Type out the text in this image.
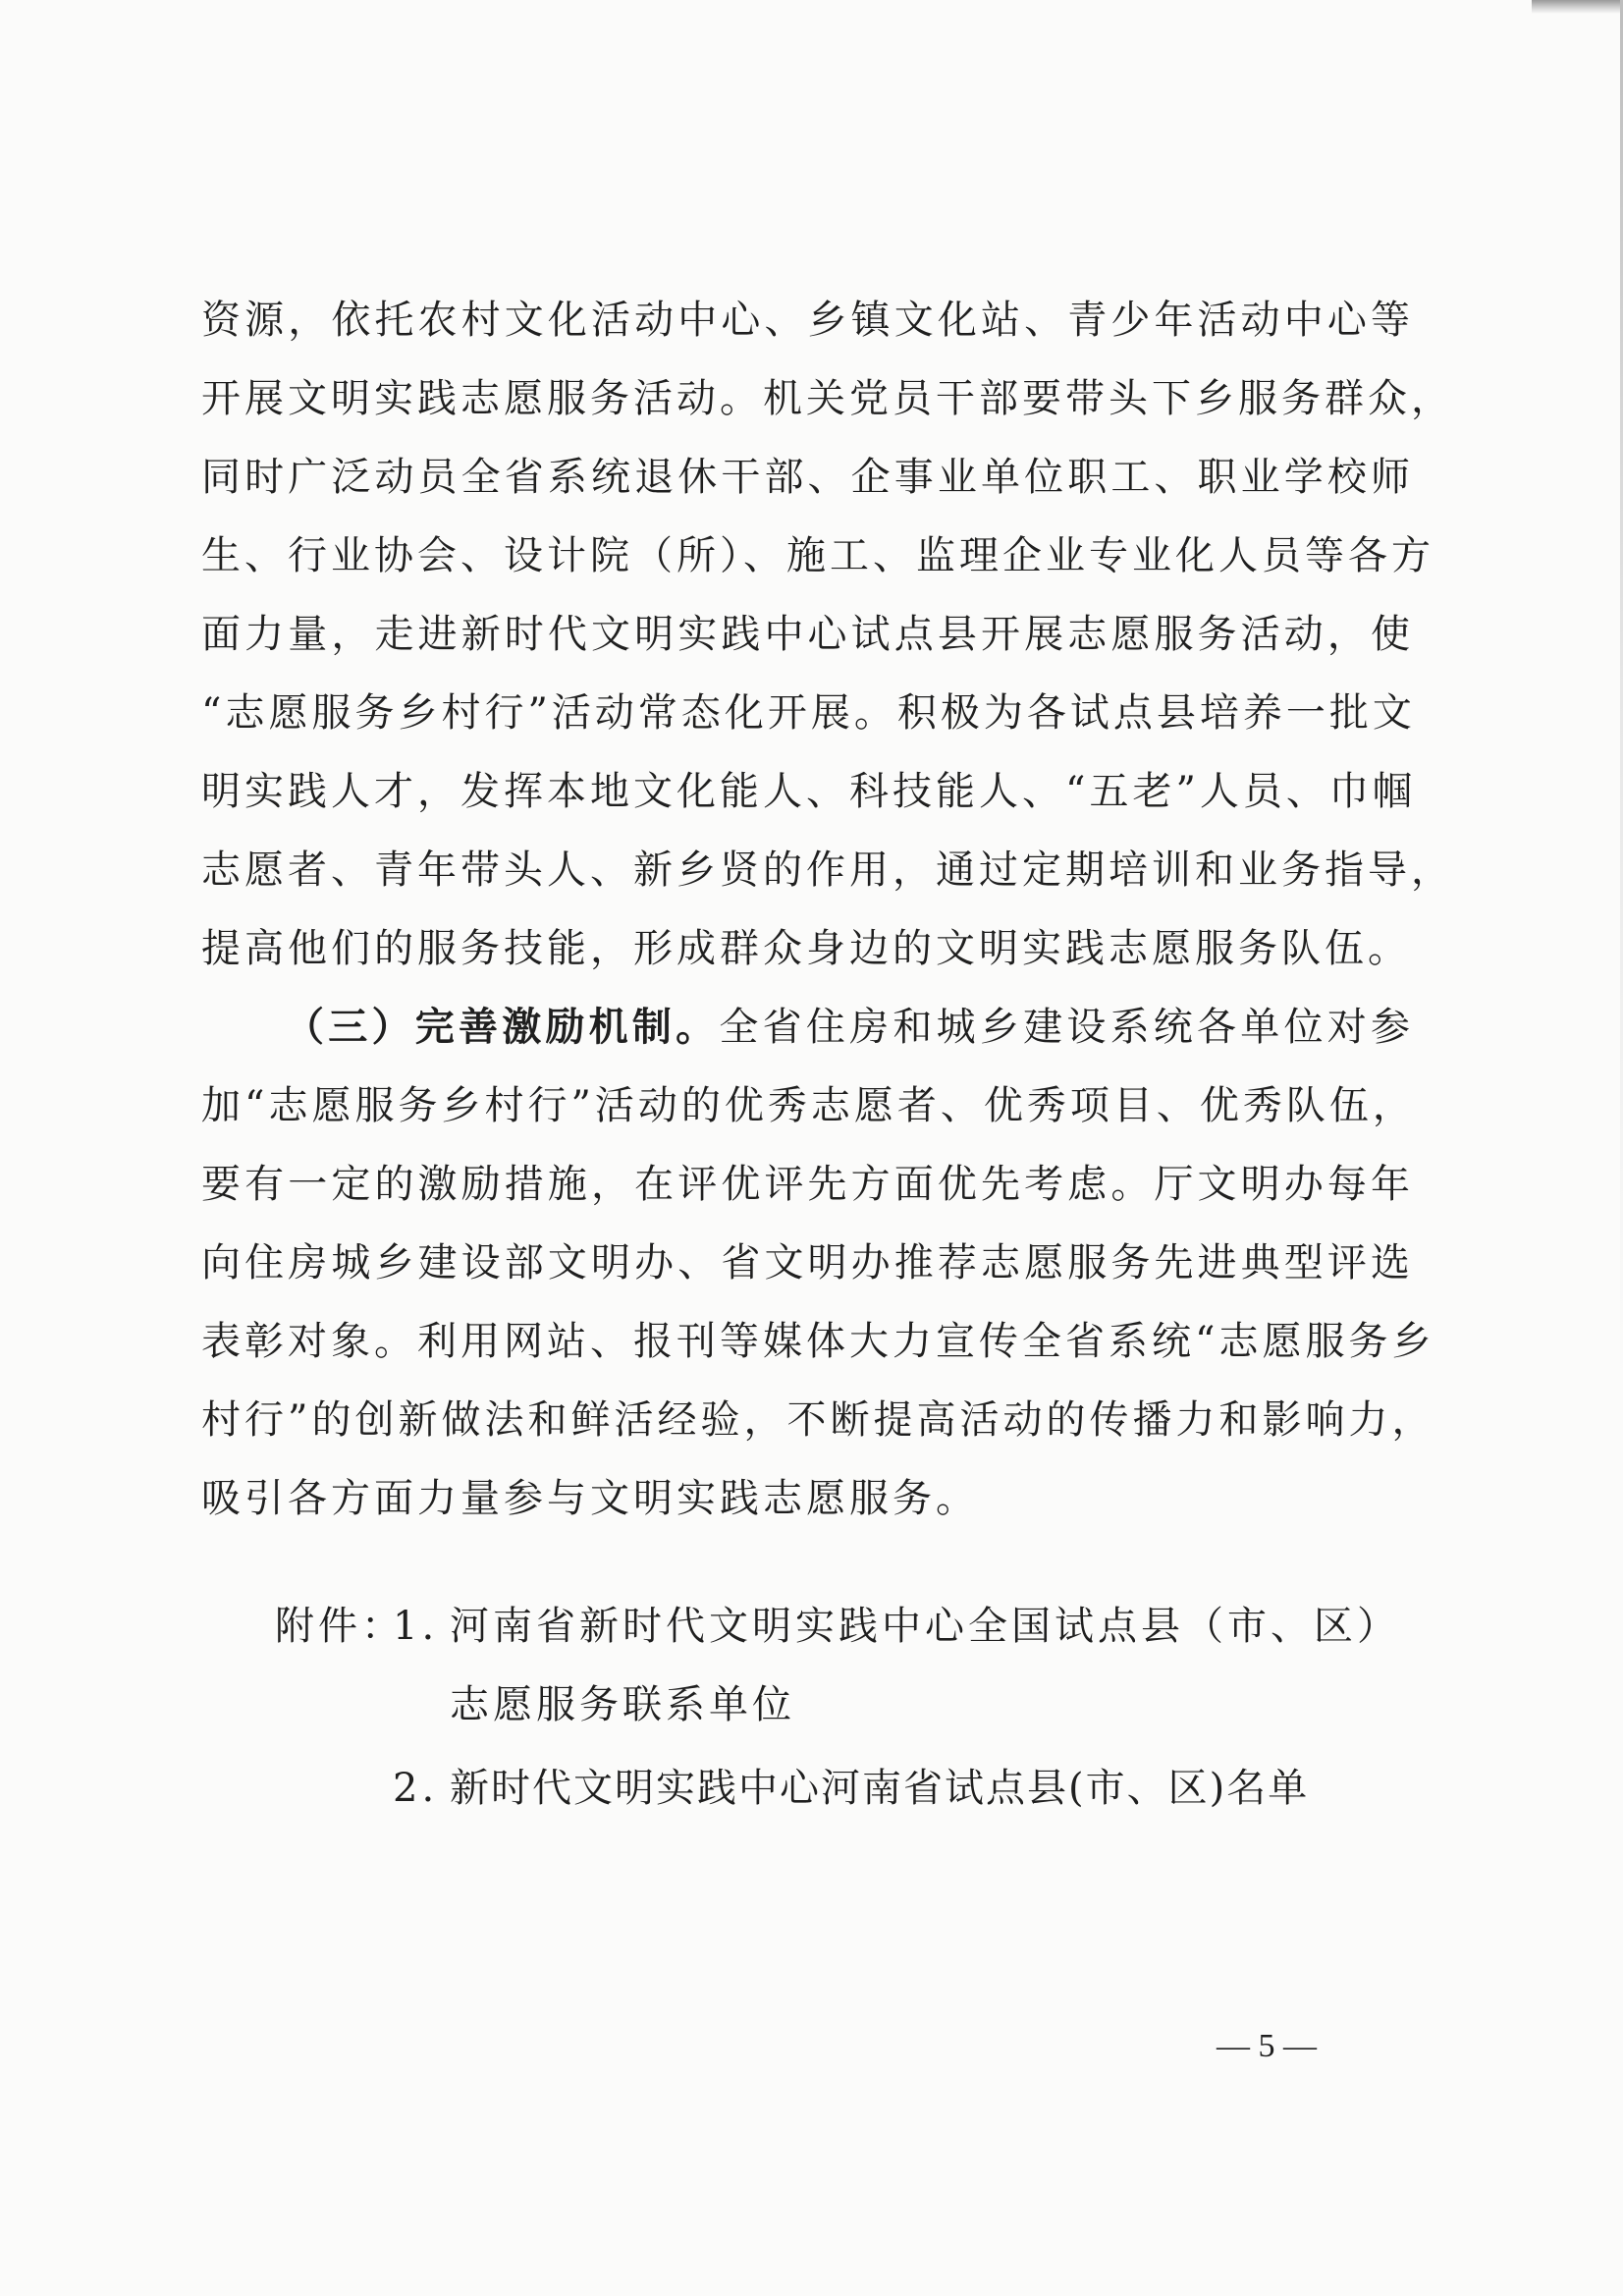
资源，依托农村文化活动中心、乡镇文化站、青少年活动中心等
开展文明实践志愿服务活动。机关党员干部要带头下乡服务群众，
同时广泛动员全省系统退休干部、企事业单位职工、职业学校师
生、行业协会、设计院（所）、施工、监理企业专业化人员等各方
面力量，走进新时代文明实践中心试点县开展志愿服务活动，使
“志愿服务乡村行”活动常态化开展。积极为各试点县培养一批文
明实践人才，发挥本地文化能人、科技能人、“五老”人员、巾帼
志愿者、青年带头人、新乡贤的作用，通过定期培训和业务指导，
提高他们的服务技能，形成群众身边的文明实践志愿服务队伍。
（三）完善激励机制。全省住房和城乡建设系统各单位对参
加“志愿服务乡村行”活动的优秀志愿者、优秀项目、优秀队伍，
要有一定的激励措施，在评优评先方面优先考虑。厅文明办每年
向住房城乡建设部文明办、省文明办推荐志愿服务先进典型评选
表彰对象。利用网站、报刊等媒体大力宣传全省系统“志愿服务乡
村行”的创新做法和鲜活经验，不断提高活动的传播力和影响力，
吸引各方面力量参与文明实践志愿服务。
附件：
1. 河南省新时代文明实践中心全国试点县（市、区）
志愿服务联系单位
2. 新时代文明实践中心河南省试点县(市、区)名单
— 5 —
